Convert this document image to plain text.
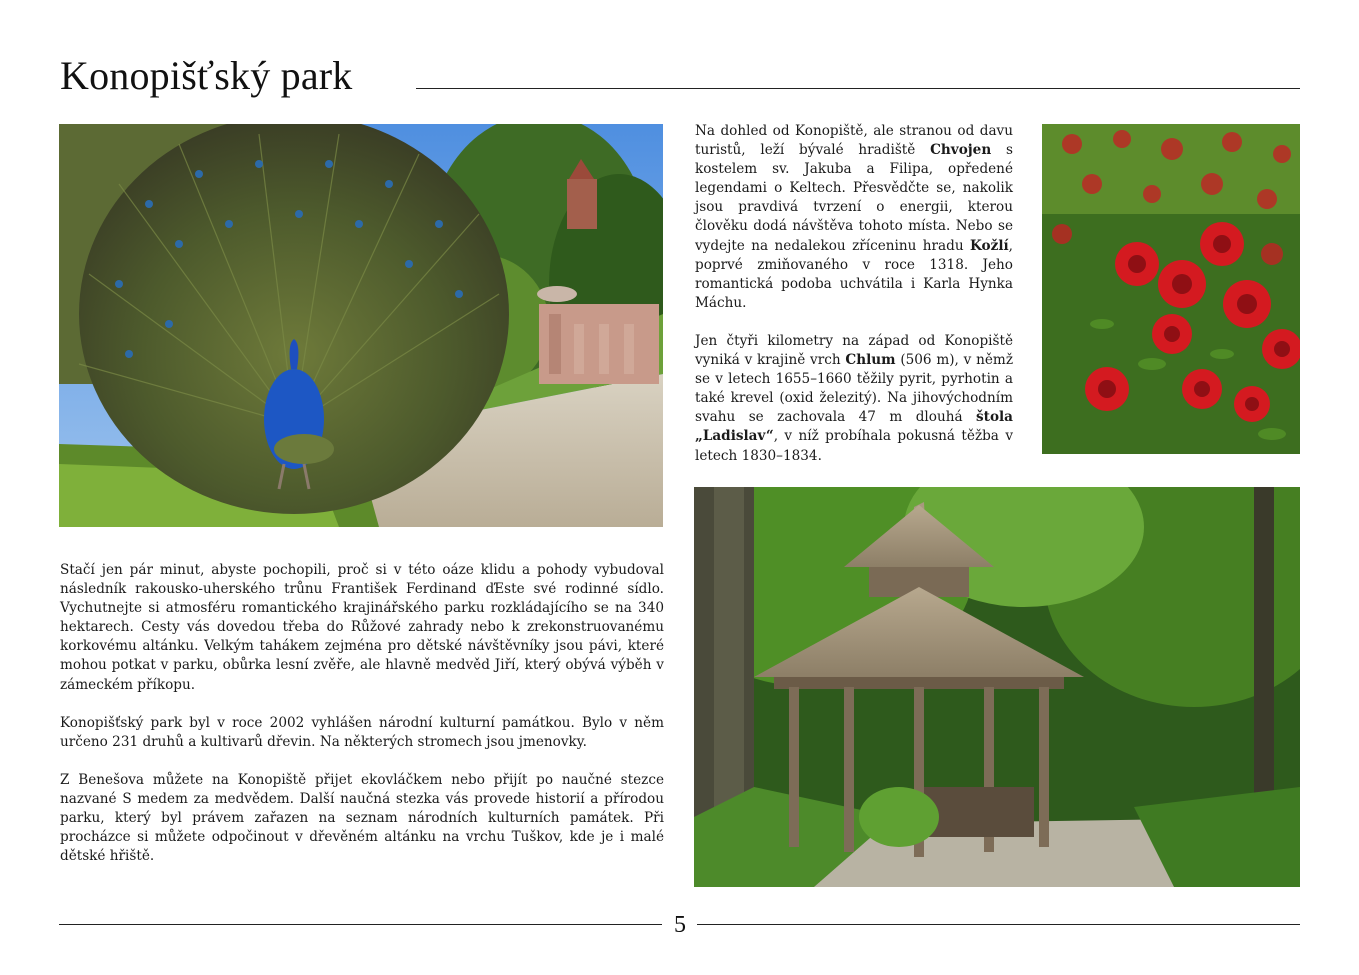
Konopišťský park

Na dohled od Konopiště, ale stranou od davu turistů, leží bývalé hradiště Chvojen s kostelem sv. Jakuba a Filipa, opředené legendami o Keltech. Přesvědčte se, nakolik jsou pravdivá tvrzení o energii, kterou člověku dodá návštěva tohoto místa. Nebo se vydejte na nedalekou zříceninu hradu Kožlí, poprvé zmiňovaného v roce 1318. Jeho romantická podoba uchvátila i Karla Hynka Máchu.

Jen čtyři kilometry na západ od Konopiště vyniká v krajině vrch Chlum (506 m), v němž se v letech 1655–1660 těžily pyrit, pyrhotin a také krevel (oxid železitý). Na jihovýchodním svahu se zachovala 47 m dlouhá štola „Ladislav“, v níž probíhala pokusná těžba v letech 1830–1834.

Stačí jen pár minut, abyste pochopili, proč si v této oáze klidu a pohody vybudoval následník rakousko-uherského trůnu František Ferdinand ďEste své rodinné sídlo. Vychutnejte si atmosféru romantického krajinářského parku rozkládajícího se na 340 hektarech. Cesty vás dovedou třeba do Růžové zahrady nebo k zrekonstruovanému korkovému altánku. Velkým tahákem zejména pro dětské návštěvníky jsou pávi, které mohou potkat v parku, obůrka lesní zvěře, ale hlavně medvěd Jiří, který obývá výběh v zámeckém příkopu.

Konopišťský park byl v roce 2002 vyhlášen národní kulturní památkou. Bylo v něm určeno 231 druhů a kultivarů dřevin. Na některých stromech jsou jmenovky.

Z Benešova můžete na Konopiště přijet ekovláčkem nebo přijít po naučné stezce nazvané S medem za medvědem. Další naučná stezka vás provede historií a přírodou parku, který byl právem zařazen na seznam národních kulturních památek. Při procházce si můžete odpočinout v dřevěném altánku na vrchu Tuškov, kde je i malé dětské hřiště.

5
